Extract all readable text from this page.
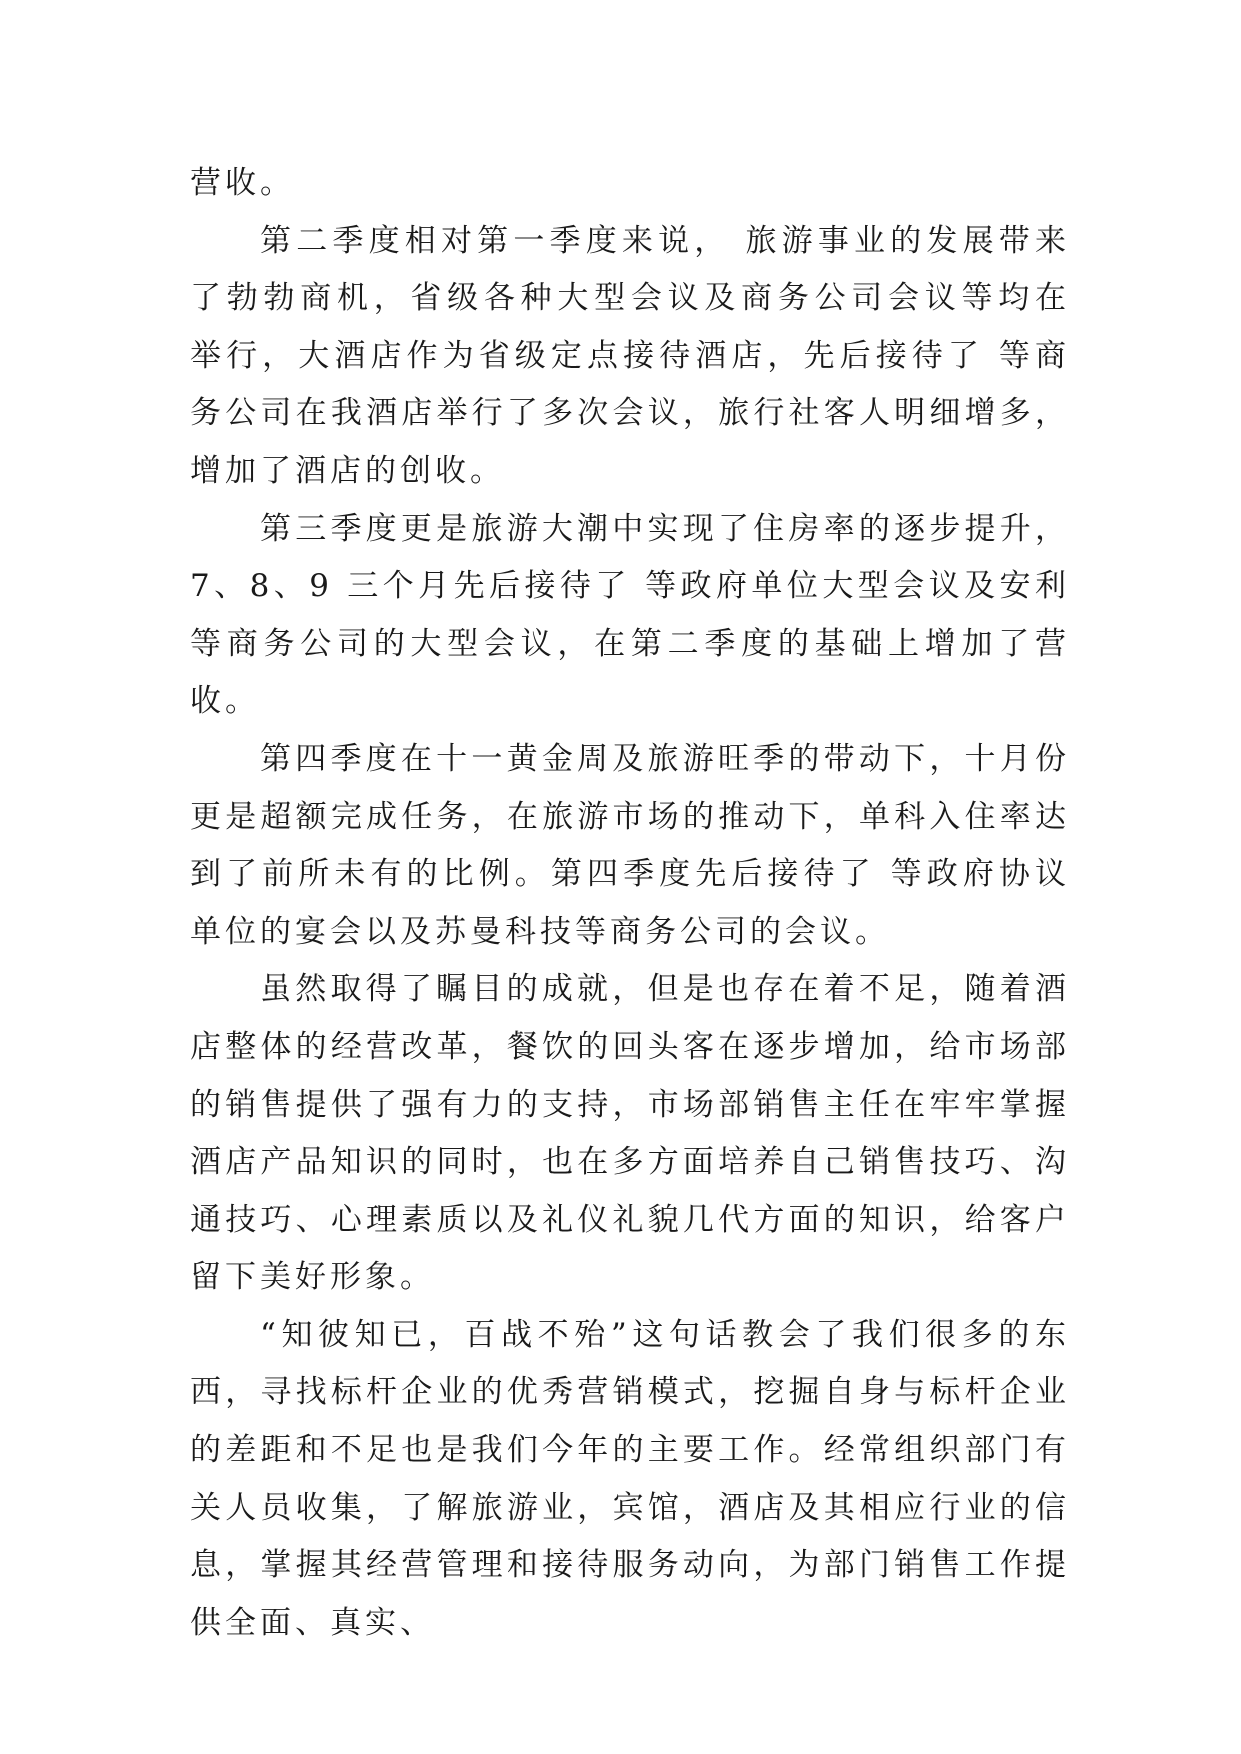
营收。

第二季度相对第一季度来说， 旅游事业的发展带来了勃勃商机，省级各种大型会议及商务公司会议等均在 举行，大酒店作为省级定点接待酒店，先后接待了 等商务公司在我酒店举行了多次会议，旅行社客人明细增多，增加了酒店的创收。

第三季度更是旅游大潮中实现了住房率的逐步提升，7、8、9 三个月先后接待了 等政府单位大型会议及安利等商务公司的大型会议，在第二季度的基础上增加了营收。

第四季度在十一黄金周及旅游旺季的带动下，十月份更是超额完成任务，在旅游市场的推动下，单科入住率达到了前所未有的比例。第四季度先后接待了 等政府协议单位的宴会以及苏曼科技等商务公司的会议。

虽然取得了瞩目的成就，但是也存在着不足，随着酒店整体的经营改革，餐饮的回头客在逐步增加，给市场部的销售提供了强有力的支持，市场部销售主任在牢牢掌握酒店产品知识的同时，也在多方面培养自己销售技巧、沟通技巧、心理素质以及礼仪礼貌几代方面的知识，给客户留下美好形象。

“知彼知已，百战不殆”这句话教会了我们很多的东西，寻找标杆企业的优秀营销模式，挖掘自身与标杆企业的差距和不足也是我们今年的主要工作。经常组织部门有关人员收集，了解旅游业，宾馆，酒店及其相应行业的信息，掌握其经营管理和接待服务动向，为部门销售工作提供全面、真实、
